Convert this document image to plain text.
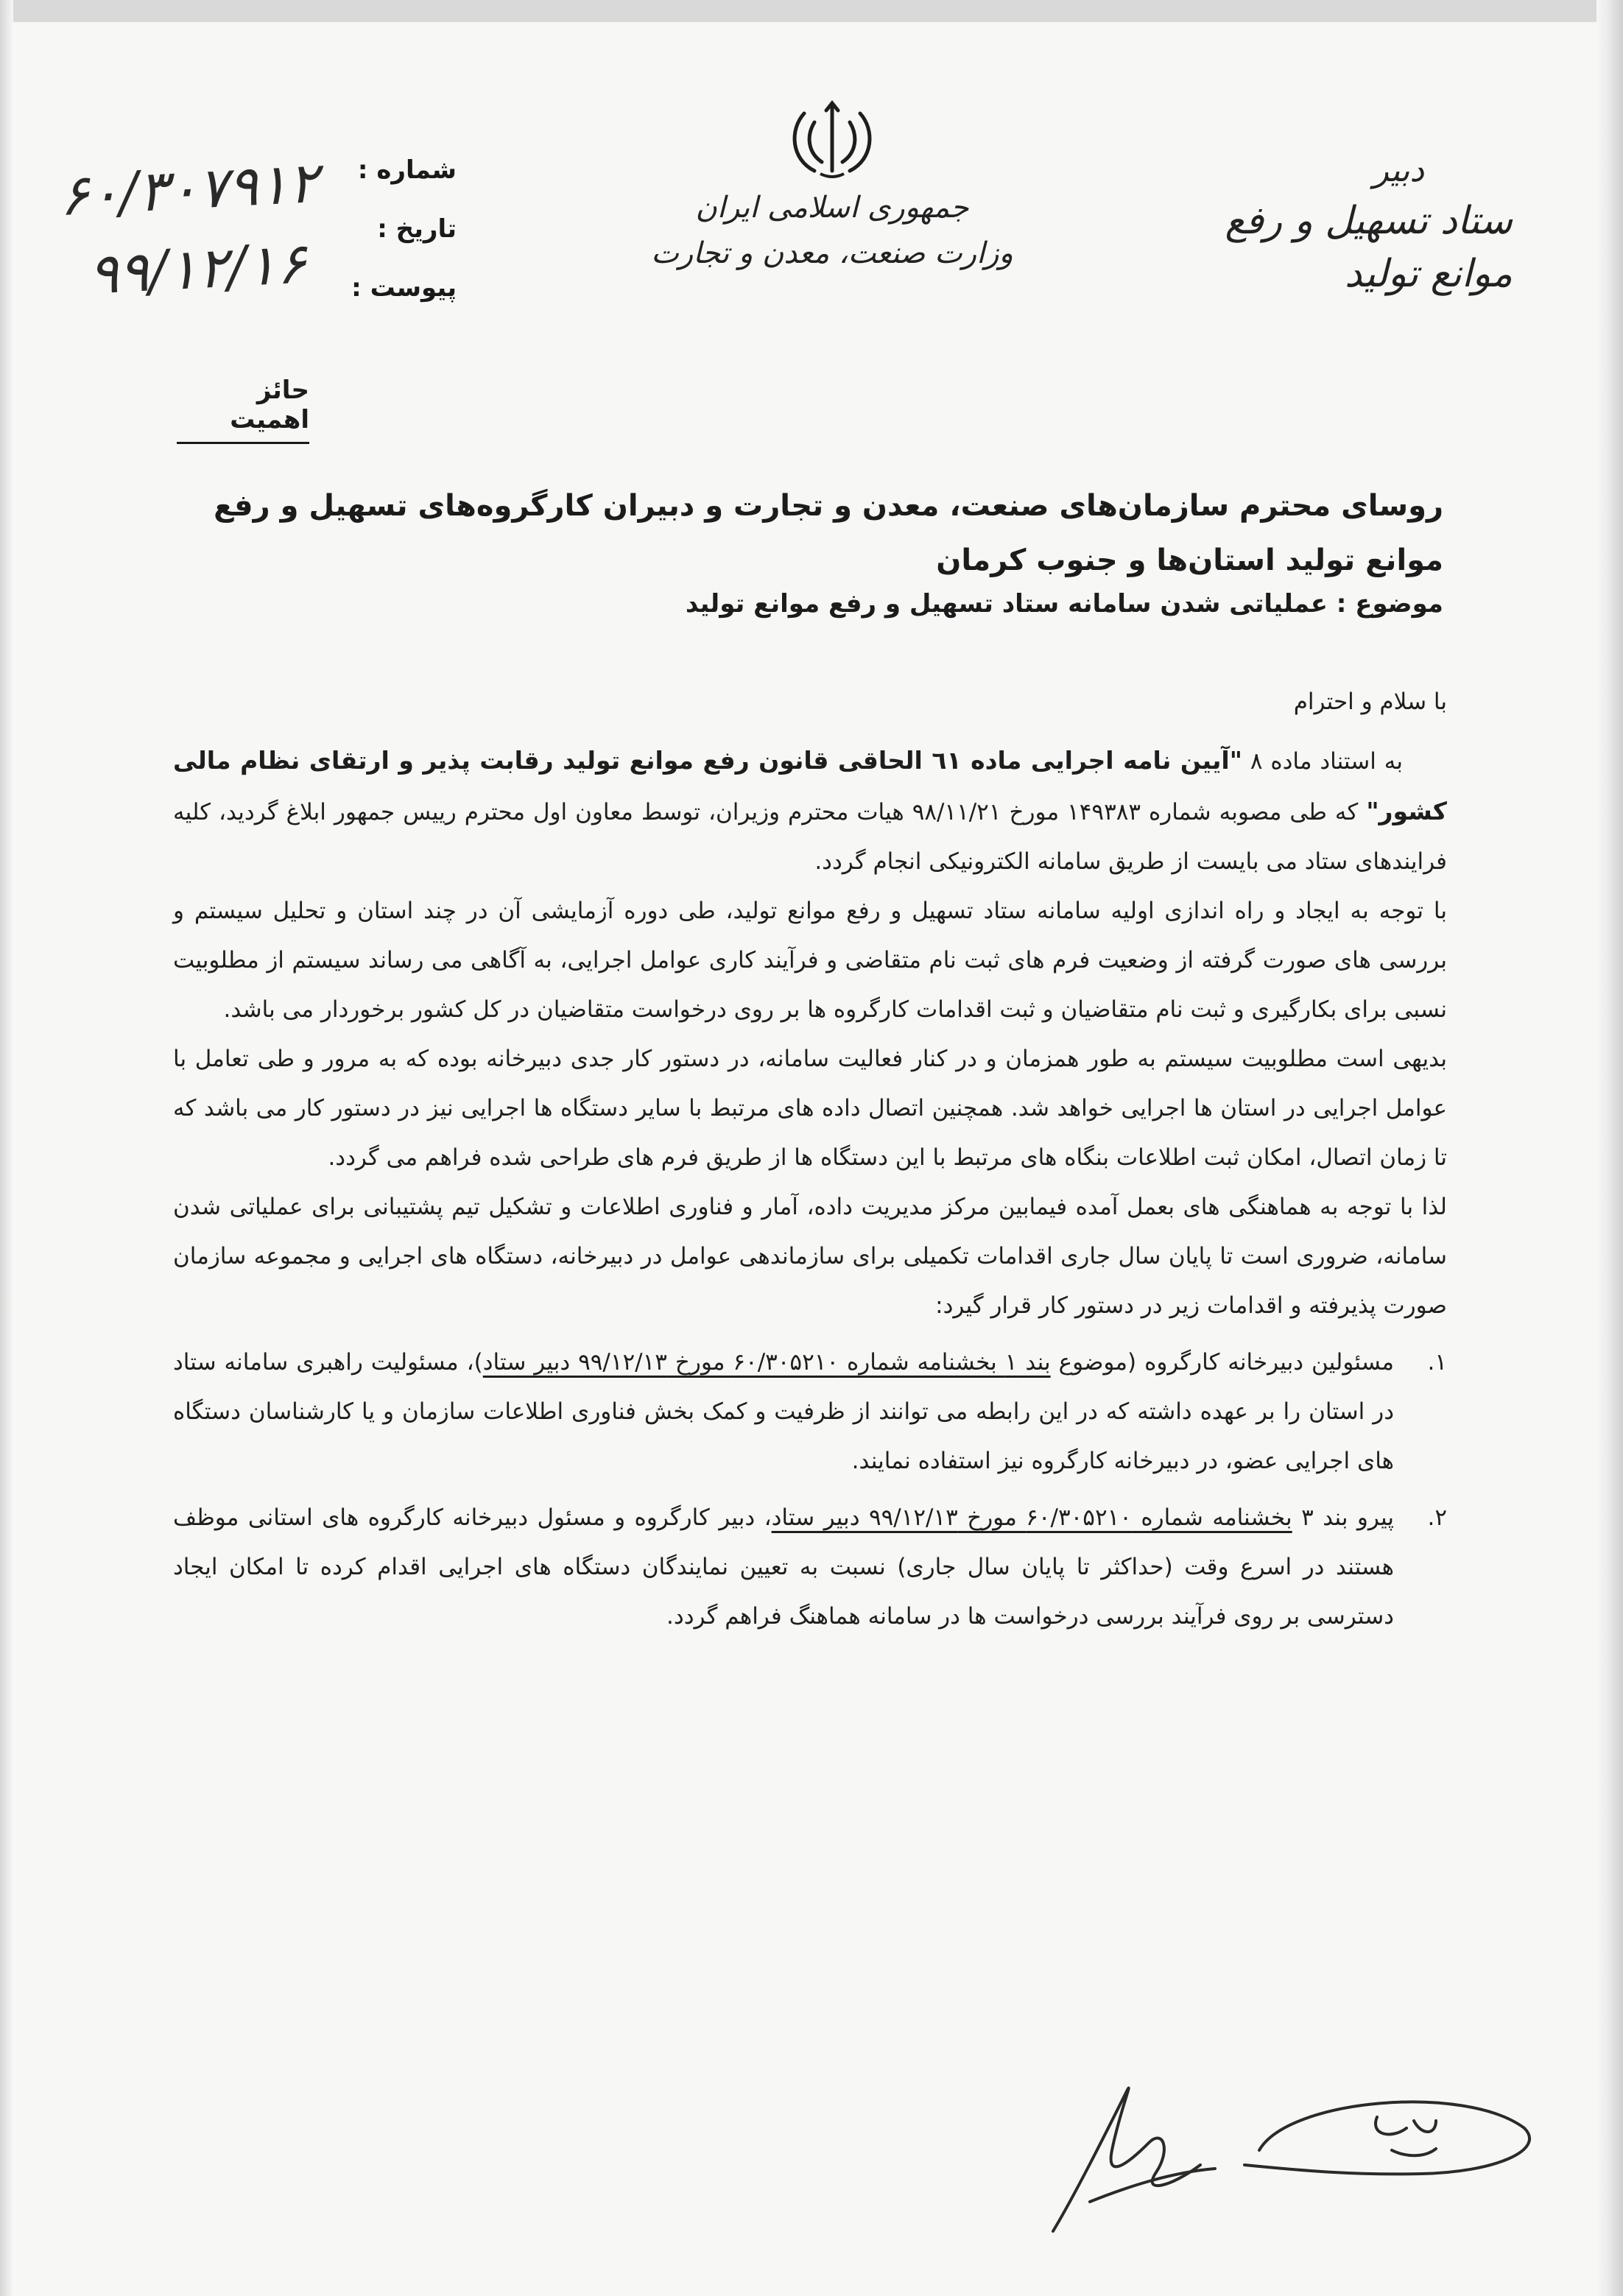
جمهوری اسلامی ایران
وزارت صنعت، معدن و تجارت
دبیر
ستاد تسهیل و رفع موانع تولید
شماره :
تاریخ :
پیوست :
۶۰/۳۰۷۹۱۲
۹۹/۱۲/۱۶
حائز اهمیت
روسای محترم سازمان‌های صنعت، معدن و تجارت و دبیران کارگروه‌های تسهیل و رفع موانع تولید استان‌ها و جنوب کرمان
موضوع : عملیاتی شدن سامانه ستاد تسهیل و رفع موانع تولید

با سلام و احترام

به استناد ماده ۸ "آیین نامه اجرایی ماده ٦١ الحاقی قانون رفع موانع تولید رقابت پذیر و ارتقای نظام مالی کشور" که طی مصوبه شماره ۱۴۹۳۸۳ مورخ ۹۸/۱۱/۲۱ هیات محترم وزیران، توسط معاون اول محترم رییس جمهور ابلاغ گردید، کلیه فرایندهای ستاد می بایست از طریق سامانه الکترونیکی انجام گردد.

با توجه به ایجاد و راه اندازی اولیه سامانه ستاد تسهیل و رفع موانع تولید، طی دوره آزمایشی آن در چند استان و تحلیل سیستم و بررسی های صورت گرفته از وضعیت فرم های ثبت نام متقاضی و فرآیند کاری عوامل اجرایی، به آگاهی می رساند سیستم از مطلوبیت نسبی برای بکارگیری و ثبت نام متقاضیان و ثبت اقدامات کارگروه ها بر روی درخواست متقاضیان در کل کشور برخوردار می باشد.

بدیهی است مطلوبیت سیستم به طور همزمان و در کنار فعالیت سامانه، در دستور کار جدی دبیرخانه بوده که به مرور و طی تعامل با عوامل اجرایی در استان ها اجرایی خواهد شد. همچنین اتصال داده های مرتبط با سایر دستگاه ها اجرایی نیز در دستور کار می باشد که تا زمان اتصال، امکان ثبت اطلاعات بنگاه های مرتبط با این دستگاه ها از طریق فرم های طراحی شده فراهم می گردد.

لذا با توجه به هماهنگی های بعمل آمده فیمابین مرکز مدیریت داده، آمار و فناوری اطلاعات و تشکیل تیم پشتیبانی برای عملیاتی شدن سامانه، ضروری است تا پایان سال جاری اقدامات تکمیلی برای سازماندهی عوامل در دبیرخانه، دستگاه های اجرایی و مجموعه سازمان صورت پذیرفته و اقدامات زیر در دستور کار قرار گیرد:

۱.
مسئولین دبیرخانه کارگروه (موضوع بند ۱ بخشنامه شماره ۶۰/۳۰۵۲۱۰ مورخ ۹۹/۱۲/۱۳ دبیر ستاد)، مسئولیت راهبری سامانه ستاد در استان را بر عهده داشته که در این رابطه می توانند از ظرفیت و کمک بخش فناوری اطلاعات سازمان و یا کارشناسان دستگاه های اجرایی عضو، در دبیرخانه کارگروه نیز استفاده نمایند.
۲.
پیرو بند ۳ بخشنامه شماره ۶۰/۳۰۵۲۱۰ مورخ ۹۹/۱۲/۱۳ دبیر ستاد، دبیر کارگروه و مسئول دبیرخانه کارگروه های استانی موظف هستند در اسرع وقت (حداکثر تا پایان سال جاری) نسبت به تعیین نمایندگان دستگاه های اجرایی اقدام کرده تا امکان ایجاد دسترسی بر روی فرآیند بررسی درخواست ها در سامانه هماهنگ فراهم گردد.
